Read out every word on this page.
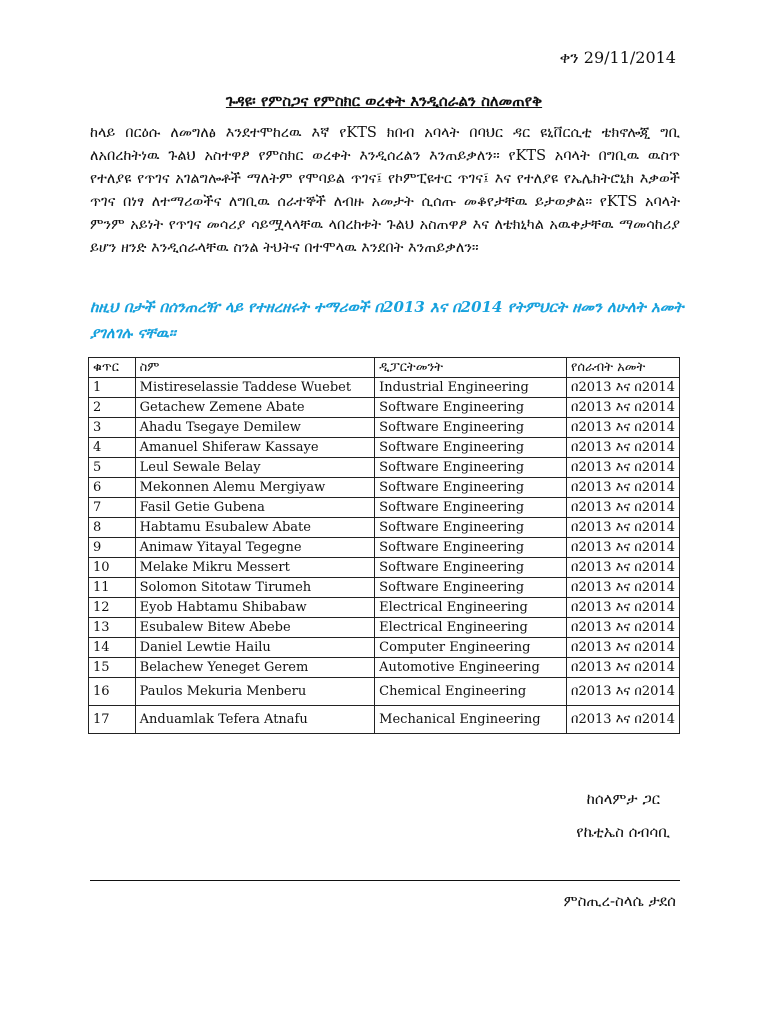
ቀን 29/11/2014
ጉዳዩ፡ የምስጋና የምስክር ወረቀት እንዲሰራልን ስለመጠየቅ
ከላይ በርዕሱ ለመግለፅ እንደተሞከረዉ እኛ የKTS ክበብ አባላት በባህር ዳር ዩኒቨርሲቲ ቴክኖሎጂ ግቢ ለአበረከትነዉ ጉልህ አስተዋፆ የምስክር ወረቀት እንዲሰረልን እንጠይቃለን። የKTS አባላት በግቢዉ ዉስጥ የተለያዩ የጥገና አገልግሎቶች ማለትም የሞባይል ጥገና፤ የኮምፒዩተር ጥገና፤ እና የተለያዩ የኤሌክትሮኒክ እቃወች ጥገና በነፃ ለተማሪወችና ለግቢዉ ሰራተኞች ለብዙ አመታት ሲሰጡ መቆየታቸዉ ይታወቃል። የKTS አባላት ምንም አይነት የጥገና መሳሪያ ሳይሟላላቸዉ ላበረከቱት ጉልህ አስጠዋፆ እና ለቴክኒካል አዉቀታቸዉ ማመሳከሪያ ይሆን ዘንድ እንዲሰራላቸዉ ስንል ትህትና በተሞላዉ እንደበት እንጠይቃለን።
ከዚህ በታች በሰንጠረዥ ላይ የተዘረዘሩት ተማሪወች በ2013 እና በ2014 የትምህርት ዘመን ለሁለት አመት ያገለገሉ ናቸዉ።
ቁጥር	ስም	ዲፓርትመንት	የሰራብት አመት
1	Mistireselassie Taddese Wuebet	Industrial Engineering	በ2013 እና በ2014
2	Getachew Zemene Abate	Software Engineering	በ2013 እና በ2014
3	Ahadu Tsegaye Demilew	Software Engineering	በ2013 እና በ2014
4	Amanuel Shiferaw Kassaye	Software Engineering	በ2013 እና በ2014
5	Leul Sewale Belay	Software Engineering	በ2013 እና በ2014
6	Mekonnen Alemu Mergiyaw	Software Engineering	በ2013 እና በ2014
7	Fasil Getie Gubena	Software Engineering	በ2013 እና በ2014
8	Habtamu Esubalew Abate	Software Engineering	በ2013 እና በ2014
9	Animaw Yitayal Tegegne	Software Engineering	በ2013 እና በ2014
10	Melake Mikru Messert	Software Engineering	በ2013 እና በ2014
11	Solomon Sitotaw Tirumeh	Software Engineering	በ2013 እና በ2014
12	Eyob Habtamu Shibabaw	Electrical Engineering	በ2013 እና በ2014
13	Esubalew Bitew Abebe	Electrical Engineering	በ2013 እና በ2014
14	Daniel Lewtie Hailu	Computer Engineering	በ2013 እና በ2014
15	Belachew Yeneget Gerem	Automotive Engineering	በ2013 እና በ2014
16	Paulos Mekuria Menberu	Chemical Engineering	በ2013 እና በ2014
17	Anduamlak Tefera Atnafu	Mechanical Engineering	በ2013 እና በ2014
ከሰላምታ ጋር
የኬቲኤስ ሰብሳቢ
ምስጢረ-ስላሴ ታደሰ
